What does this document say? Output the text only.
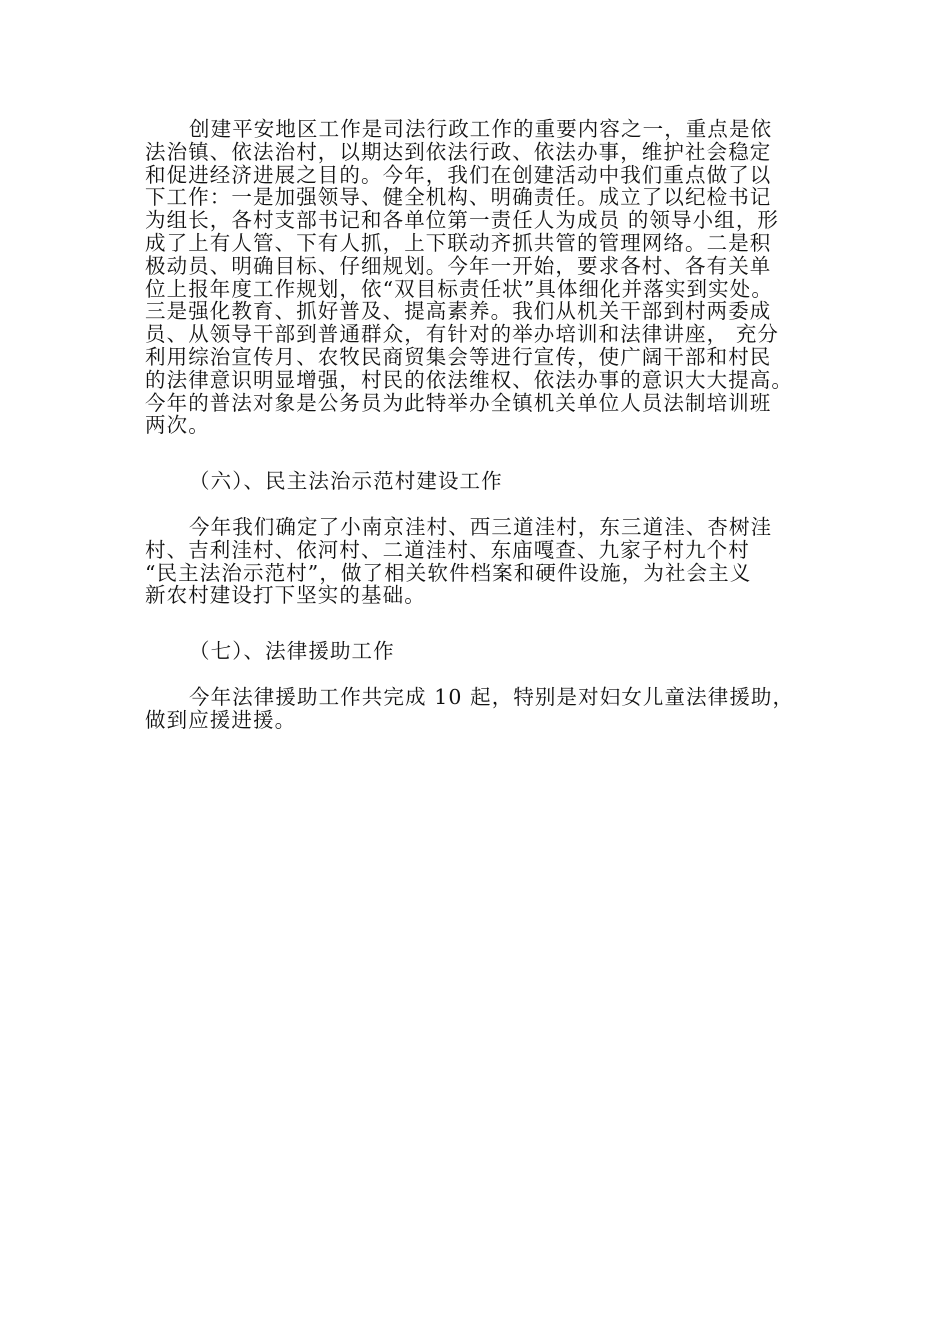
创建平安地区工作是司法行政工作的重要内容之一，重点是依
法治镇、依法治村，以期达到依法行政、依法办事，维护社会稳定
和促进经济进展之目的。今年，我们在创建活动中我们重点做了以
下工作：一是加强领导、健全机构、明确责任。成立了以纪检书记
为组长，各村支部书记和各单位第一责任人为成员 的领导小组，形
成了上有人管、下有人抓，上下联动齐抓共管的管理网络。二是积
极动员、明确目标、仔细规划。今年一开始，要求各村、各有关单
位上报年度工作规划，依“双目标责任状”具体细化并落实到实处。
三是强化教育、抓好普及、提高素养。我们从机关干部到村两委成
员、从领导干部到普通群众，有针对的举办培训和法律讲座， 充分
利用综治宣传月、农牧民商贸集会等进行宣传，使广阔干部和村民
的法律意识明显增强，村民的依法维权、依法办事的意识大大提高。
今年的普法对象是公务员为此特举办全镇机关单位人员法制培训班
两次。

（六）、民主法治示范村建设工作

今年我们确定了小南京洼村、西三道洼村，东三道洼、杏树洼
村、吉利洼村、依河村、二道洼村、东庙嘎查、九家子村九个村
“民主法治示范村”，做了相关软件档案和硬件设施，为社会主义
新农村建设打下坚实的基础。

（七）、法律援助工作

今年法律援助工作共完成 10 起，特别是对妇女儿童法律援助，
做到应援进援。
